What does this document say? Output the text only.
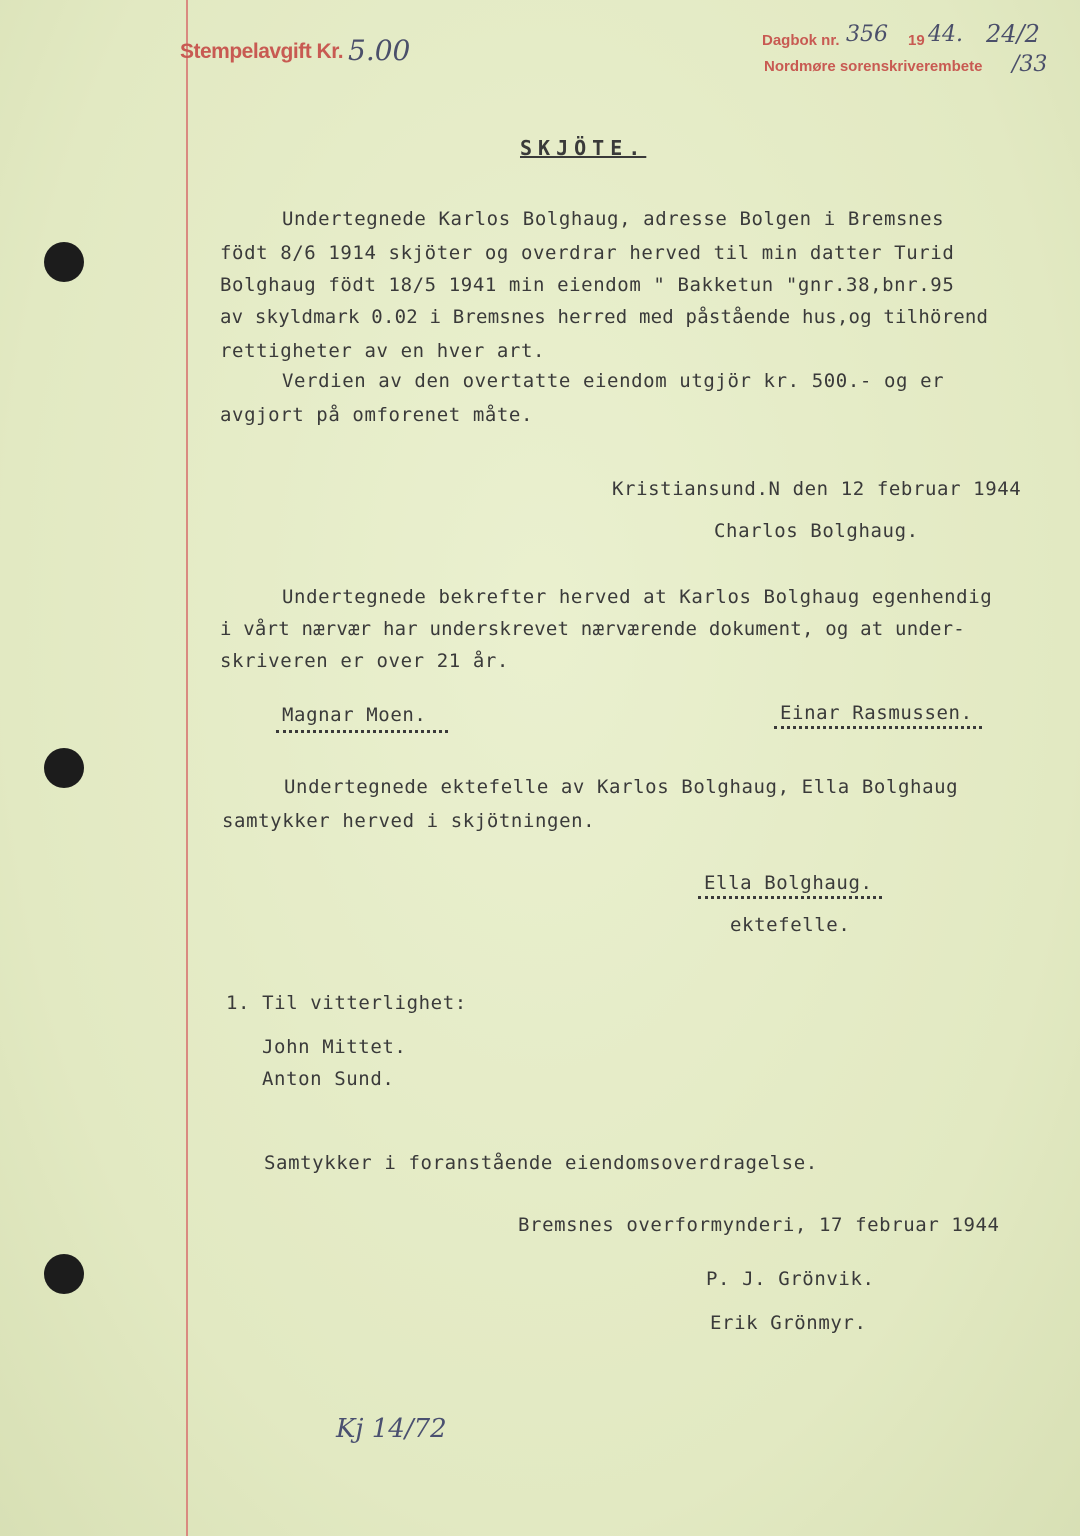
Stempelavgift Kr. 5.00	Dagbok nr. 356 19 44. 24/2
Nordmøre sorenskriverembete /33
SKJÖTE.
Undertegnede Karlos Bolghaug, adresse Bolgen i Bremsnes
födt 8/6 1914 skjöter og overdrar herved til min datter Turid
Bolghaug födt 18/5 1941 min eiendom " Bakketun "gnr.38,bnr.95
av skyldmark 0.02 i Bremsnes herred med påstående hus,og tilhörend
rettigheter av en hver art.
Verdien av den overtatte eiendom utgjör kr. 500.- og er
avgjort på omforenet måte.
Kristiansund.N den 12 februar 1944
Charlos Bolghaug.
Undertegnede bekrefter herved at Karlos Bolghaug egenhendig
i vårt nærvær har underskrevet nærværende dokument, og at under-
skriveren er over 21 år.
Magnar Moen.	Einar Rasmussen.
Undertegnede ektefelle av Karlos Bolghaug, Ella Bolghaug
samtykker herved i skjötningen.
Ella Bolghaug.
ektefelle.
1. Til vitterlighet:
John Mittet.
Anton Sund.
Samtykker i foranstående eiendomsoverdragelse.
Bremsnes overformynderi, 17 februar 1944
P. J. Grönvik.
Erik Grönmyr.
Kj 14/72
